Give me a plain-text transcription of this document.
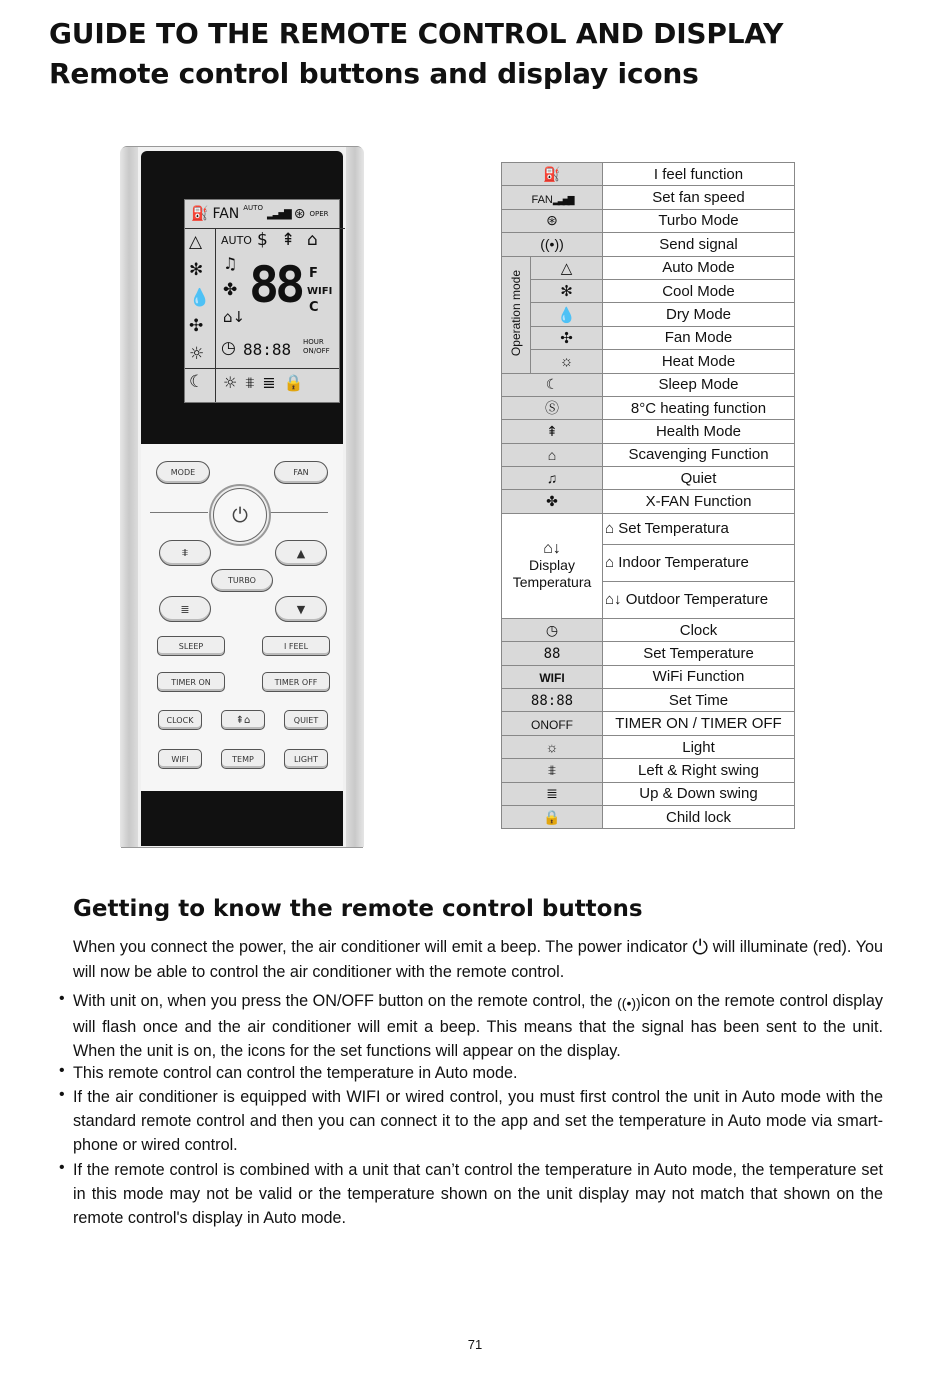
GUIDE TO THE REMOTE CONTROL AND DISPLAY
Remote control buttons and display icons
⛽ FAN AUTO
▂▃▅▇ ⊛ OPER
△
✻
💧
✣
☼
☾
AUTO $ ⇞ ⌂
♫
✤
⌂↓
88 F
WIFI
C
◷ 88:88 HOUR
ON/OFF
☼ ⩨ ≣ 🔒
MODE	FAN
⏻
⩨	▲
TURBO
≣	▼
SLEEP	I FEEL
TIMER ON	TIMER OFF
CLOCK	⇞⌂	QUIET
WIFI	TEMP	LIGHT
⛽		I feel function
FAN▂▃▅▇		Set fan speed
⊛		Turbo Mode
((•))		Send signal
Operation mode	△	Auto Mode
	✻	Cool Mode
	💧	Dry Mode
	✣	Fan Mode
	☼	Heat Mode
☾		Sleep Mode
Ⓢ		8°C heating function
⇞		Health Mode
⌂		Scavenging Function
♫		Quiet
✤		X-FAN Function
⌂↓
Display Temperatura		⌂ Set Temperatura
		⌂ Indoor Temperature
		⌂↓ Outdoor Temperature
◷		Clock
88		Set Temperature
WIFI		WiFi Function
88:88		Set Time
ONOFF		TIMER ON / TIMER OFF
☼		Light
⩨		Left & Right swing
≣		Up & Down swing
🔒		Child lock
Getting to know the remote control buttons

When you connect the power, the air conditioner will emit a beep. The power indicator ⏻ will illuminate (red). You will now be able to control the air conditioner with the remote control.

• With unit on, when you press the ON/OFF button on the remote control, the ((•))icon on the remote control display will flash once and the air conditioner will emit a beep. This means that the signal has been sent to the unit. When the unit is on, the icons for the set functions will appear on the display.

• This remote control can control the temperature in Auto mode.

• If the air conditioner is equipped with WIFI or wired control, you must first control the unit in Auto mode with the standard remote control and then you can connect it to the app and set the temperature in Auto mode via smart-phone or wired control.

• If the remote control is combined with a unit that can’t control the temperature in Auto mode, the temperature set in this mode may not be valid or the temperature shown on the unit display may not match that shown on the remote control's display in Auto mode.

71
